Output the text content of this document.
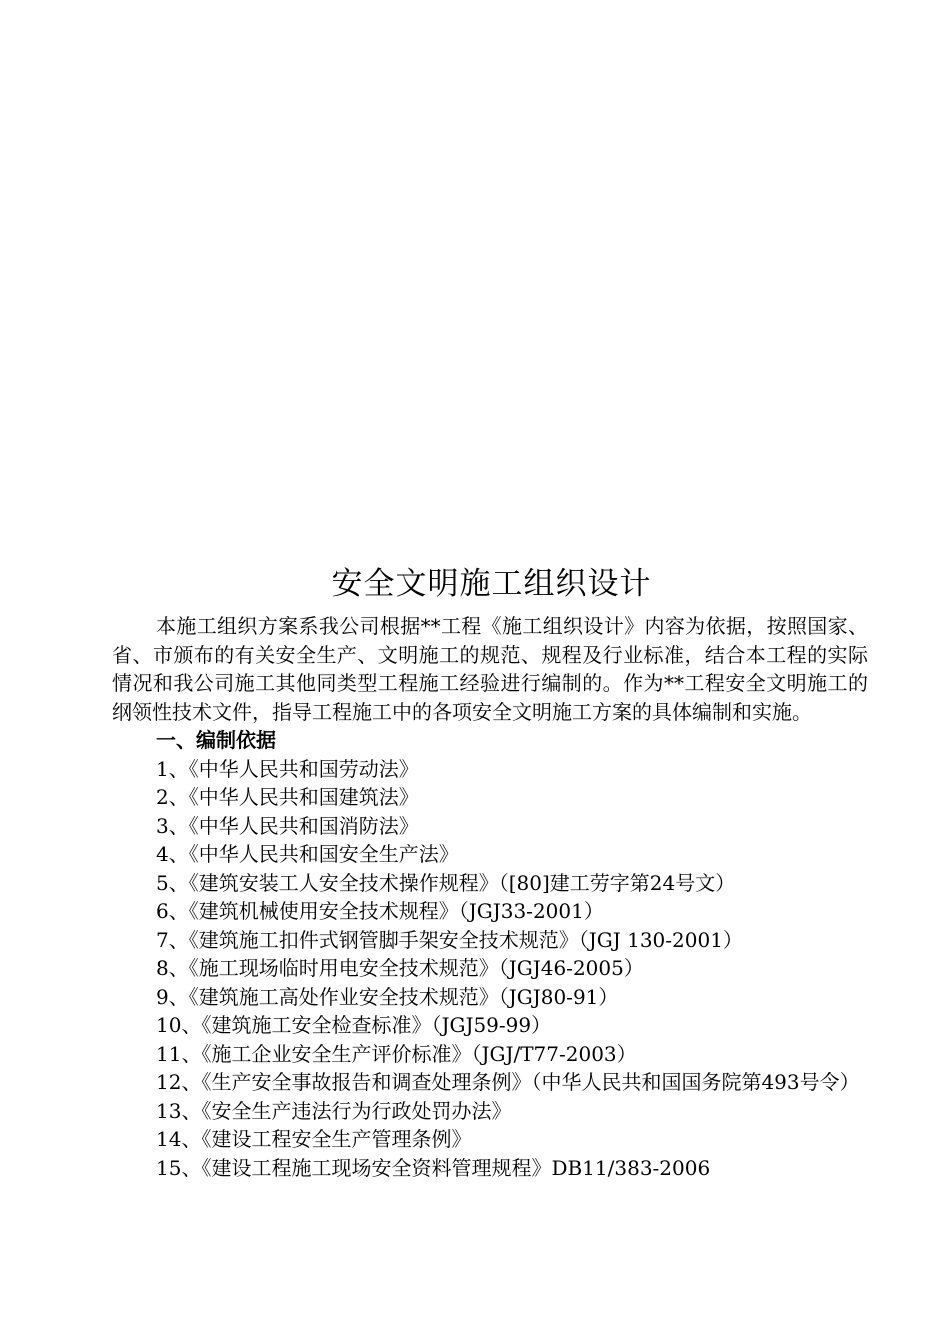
安全文明施工组织设计

本施工组织方案系我公司根据**工程《施工组织设计》内容为依据，按照国家、省、市颁布的有关安全生产、文明施工的规范、规程及行业标准，结合本工程的实际情况和我公司施工其他同类型工程施工经验进行编制的。作为**工程安全文明施工的纲领性技术文件，指导工程施工中的各项安全文明施工方案的具体编制和实施。

一、编制依据

1、《中华人民共和国劳动法》
2、《中华人民共和国建筑法》
3、《中华人民共和国消防法》
4、《中华人民共和国安全生产法》
5、《建筑安装工人安全技术操作规程》（[80]建工劳字第24号文）
6、《建筑机械使用安全技术规程》（JGJ33-2001）
7、《建筑施工扣件式钢管脚手架安全技术规范》（JGJ 130-2001）
8、《施工现场临时用电安全技术规范》（JGJ46-2005）
9、《建筑施工高处作业安全技术规范》（JGJ80-91）
10、《建筑施工安全检查标准》（JGJ59-99）
11、《施工企业安全生产评价标准》（JGJ/T77-2003）
12、《生产安全事故报告和调查处理条例》（中华人民共和国国务院第493号令）
13、《安全生产违法行为行政处罚办法》
14、《建设工程安全生产管理条例》
15、《建设工程施工现场安全资料管理规程》DB11/383-2006
